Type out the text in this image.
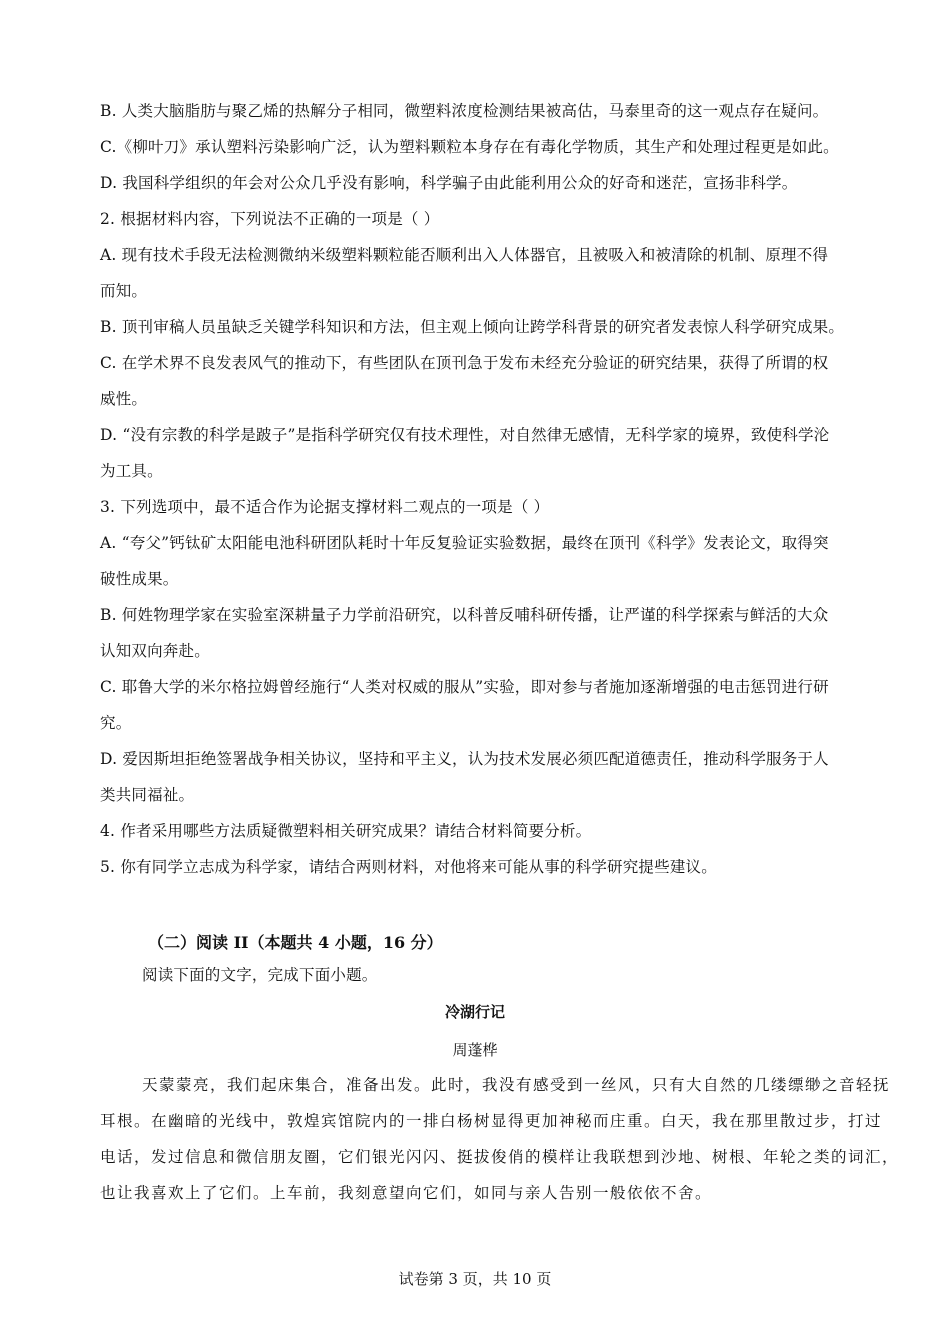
B. 人类大脑脂肪与聚乙烯的热解分子相同，微塑料浓度检测结果被高估，马泰里奇的这一观点存在疑问。
C.《柳叶刀》承认塑料污染影响广泛，认为塑料颗粒本身存在有毒化学物质，其生产和处理过程更是如此。
D. 我国科学组织的年会对公众几乎没有影响，科学骗子由此能利用公众的好奇和迷茫，宣扬非科学。
2. 根据材料内容，下列说法不正确的一项是（ ）
A. 现有技术手段无法检测微纳米级塑料颗粒能否顺利出入人体器官，且被吸入和被清除的机制、原理不得
而知。
B. 顶刊审稿人员虽缺乏关键学科知识和方法，但主观上倾向让跨学科背景的研究者发表惊人科学研究成果。
C. 在学术界不良发表风气的推动下，有些团队在顶刊急于发布未经充分验证的研究结果，获得了所谓的权
威性。
D. “没有宗教的科学是跛子”是指科学研究仅有技术理性，对自然律无感情，无科学家的境界，致使科学沦
为工具。
3. 下列选项中，最不适合作为论据支撑材料二观点的一项是（ ）
A. “夸父”钙钛矿太阳能电池科研团队耗时十年反复验证实验数据，最终在顶刊《科学》发表论文，取得突
破性成果。
B. 何姓物理学家在实验室深耕量子力学前沿研究，以科普反哺科研传播，让严谨的科学探索与鲜活的大众
认知双向奔赴。
C. 耶鲁大学的米尔格拉姆曾经施行“人类对权威的服从”实验，即对参与者施加逐渐增强的电击惩罚进行研
究。
D. 爱因斯坦拒绝签署战争相关协议，坚持和平主义，认为技术发展必须匹配道德责任，推动科学服务于人
类共同福祉。
4. 作者采用哪些方法质疑微塑料相关研究成果？请结合材料简要分析。
5. 你有同学立志成为科学家，请结合两则材料，对他将来可能从事的科学研究提些建议。
（二）阅读 II（本题共 4 小题，16 分）
阅读下面的文字，完成下面小题。
冷湖行记
周蓬桦
天蒙蒙亮，我们起床集合，准备出发。此时，我没有感受到一丝风，只有大自然的几缕缥缈之音轻抚
耳根。在幽暗的光线中，敦煌宾馆院内的一排白杨树显得更加神秘而庄重。白天，我在那里散过步，打过
电话，发过信息和微信朋友圈，它们银光闪闪、挺拔俊俏的模样让我联想到沙地、树根、年轮之类的词汇，
也让我喜欢上了它们。上车前，我刻意望向它们，如同与亲人告别一般依依不舍。
试卷第 3 页，共 10 页
